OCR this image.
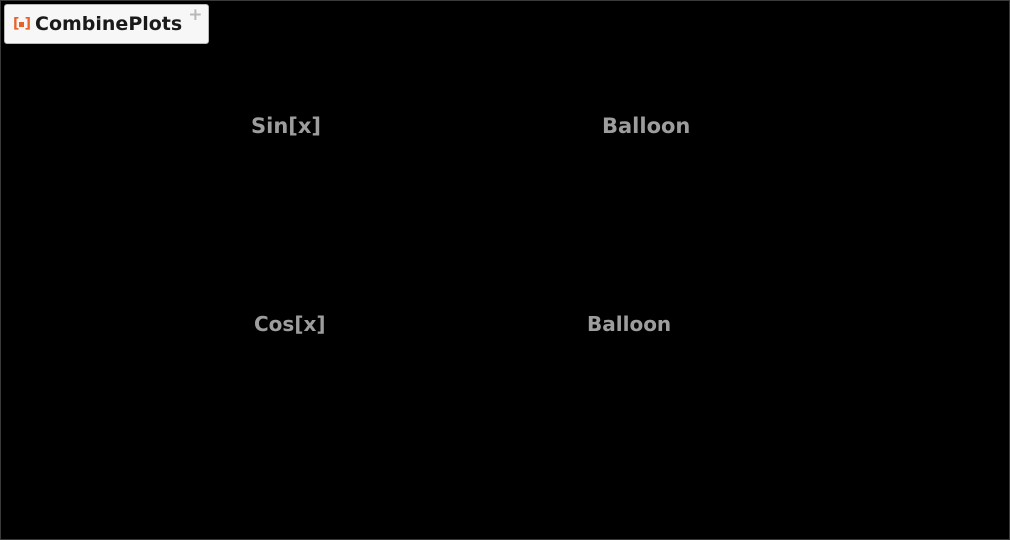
[ ] CombinePlots +
Sin[x]	Balloon
Cos[x]	Balloon
